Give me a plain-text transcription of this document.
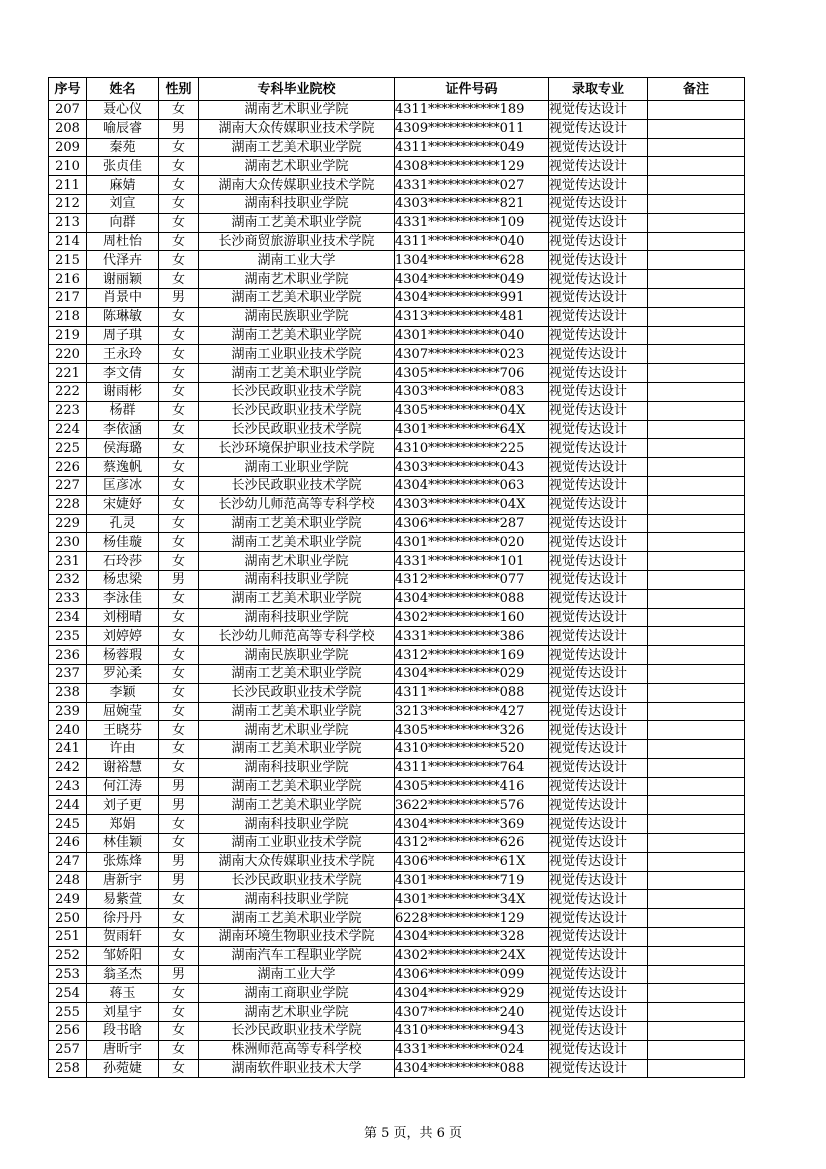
序号	姓名	性别	专科毕业院校	证件号码	录取专业	备注
207	聂心仪	女	湖南艺术职业学院	4311***********189	视觉传达设计	
208	喻辰睿	男	湖南大众传媒职业技术学院	4309***********011	视觉传达设计	
209	秦苑	女	湖南工艺美术职业学院	4311***********049	视觉传达设计	
210	张贞佳	女	湖南艺术职业学院	4308***********129	视觉传达设计	
211	麻婧	女	湖南大众传媒职业技术学院	4331***********027	视觉传达设计	
212	刘宣	女	湖南科技职业学院	4303***********821	视觉传达设计	
213	向群	女	湖南工艺美术职业学院	4331***********109	视觉传达设计	
214	周杜怡	女	长沙商贸旅游职业技术学院	4311***********040	视觉传达设计	
215	代泽卉	女	湖南工业大学	1304***********628	视觉传达设计	
216	谢丽颖	女	湖南艺术职业学院	4304***********049	视觉传达设计	
217	肖景中	男	湖南工艺美术职业学院	4304***********991	视觉传达设计	
218	陈琳敏	女	湖南民族职业学院	4313***********481	视觉传达设计	
219	周子琪	女	湖南工艺美术职业学院	4301***********040	视觉传达设计	
220	王永玲	女	湖南工业职业技术学院	4307***********023	视觉传达设计	
221	李文倩	女	湖南工艺美术职业学院	4305***********706	视觉传达设计	
222	谢雨彬	女	长沙民政职业技术学院	4303***********083	视觉传达设计	
223	杨群	女	长沙民政职业技术学院	4305***********04X	视觉传达设计	
224	李依涵	女	长沙民政职业技术学院	4301***********64X	视觉传达设计	
225	侯海璐	女	长沙环境保护职业技术学院	4310***********225	视觉传达设计	
226	蔡逸帆	女	湖南工业职业学院	4303***********043	视觉传达设计	
227	匡彦冰	女	长沙民政职业技术学院	4304***********063	视觉传达设计	
228	宋婕妤	女	长沙幼儿师范高等专科学校	4303***********04X	视觉传达设计	
229	孔灵	女	湖南工艺美术职业学院	4306***********287	视觉传达设计	
230	杨佳璇	女	湖南工艺美术职业学院	4301***********020	视觉传达设计	
231	石玲莎	女	湖南艺术职业学院	4331***********101	视觉传达设计	
232	杨忠梁	男	湖南科技职业学院	4312***********077	视觉传达设计	
233	李泳佳	女	湖南工艺美术职业学院	4304***********088	视觉传达设计	
234	刘栩晴	女	湖南科技职业学院	4302***********160	视觉传达设计	
235	刘婷婷	女	长沙幼儿师范高等专科学校	4331***********386	视觉传达设计	
236	杨蓉瑕	女	湖南民族职业学院	4312***********169	视觉传达设计	
237	罗沁柔	女	湖南工艺美术职业学院	4304***********029	视觉传达设计	
238	李颖	女	长沙民政职业技术学院	4311***********088	视觉传达设计	
239	屈婉莹	女	湖南工艺美术职业学院	3213***********427	视觉传达设计	
240	王晓芬	女	湖南艺术职业学院	4305***********326	视觉传达设计	
241	许由	女	湖南工艺美术职业学院	4310***********520	视觉传达设计	
242	谢裕慧	女	湖南科技职业学院	4311***********764	视觉传达设计	
243	何江涛	男	湖南工艺美术职业学院	4305***********416	视觉传达设计	
244	刘子更	男	湖南工艺美术职业学院	3622***********576	视觉传达设计	
245	郑娟	女	湖南科技职业学院	4304***********369	视觉传达设计	
246	林佳颖	女	湖南工业职业技术学院	4312***********626	视觉传达设计	
247	张炼烽	男	湖南大众传媒职业技术学院	4306***********61X	视觉传达设计	
248	唐新宇	男	长沙民政职业技术学院	4301***********719	视觉传达设计	
249	易紫萱	女	湖南科技职业学院	4301***********34X	视觉传达设计	
250	徐丹丹	女	湖南工艺美术职业学院	6228***********129	视觉传达设计	
251	贺雨轩	女	湖南环境生物职业技术学院	4304***********328	视觉传达设计	
252	邹娇阳	女	湖南汽车工程职业学院	4302***********24X	视觉传达设计	
253	翁圣杰	男	湖南工业大学	4306***********099	视觉传达设计	
254	蒋玉	女	湖南工商职业学院	4304***********929	视觉传达设计	
255	刘星宇	女	湖南艺术职业学院	4307***********240	视觉传达设计	
256	段书晗	女	长沙民政职业技术学院	4310***********943	视觉传达设计	
257	唐昕宇	女	株洲师范高等专科学校	4331***********024	视觉传达设计	
258	孙菀婕	女	湖南软件职业技术大学	4304***********088	视觉传达设计	
第 5 页，共 6 页
